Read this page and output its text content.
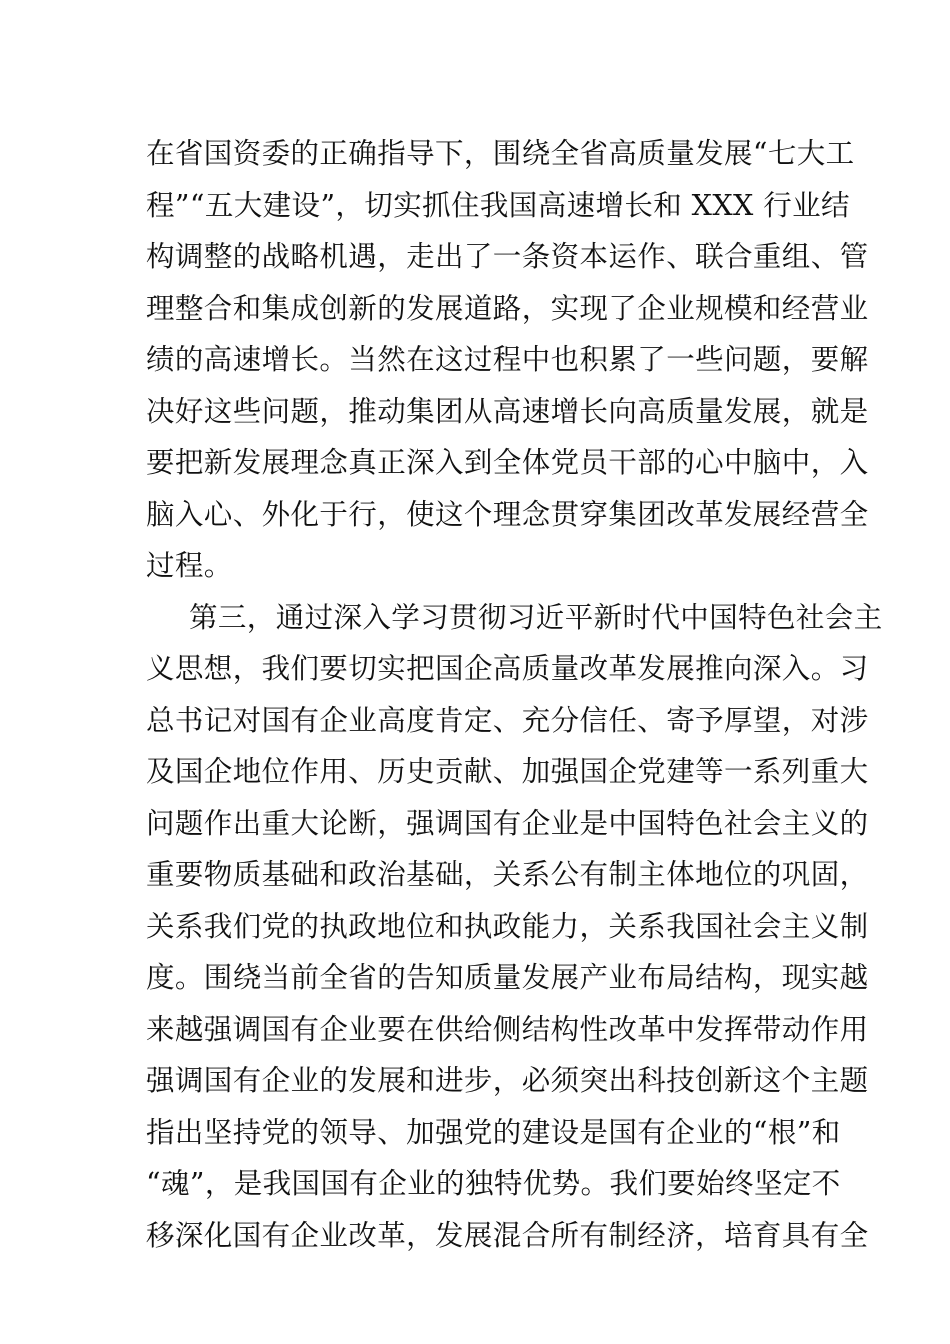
在省国资委的正确指导下，围绕全省高质量发展“七大工
程”“五大建设”，切实抓住我国高速增长和 XXX 行业结
构调整的战略机遇，走出了一条资本运作、联合重组、管
理整合和集成创新的发展道路，实现了企业规模和经营业
绩的高速增长。当然在这过程中也积累了一些问题，要解
决好这些问题，推动集团从高速增长向高质量发展，就是
要把新发展理念真正深入到全体党员干部的心中脑中，入
脑入心、外化于行，使这个理念贯穿集团改革发展经营全
过程。
第三，通过深入学习贯彻习近平新时代中国特色社会主
义思想，我们要切实把国企高质量改革发展推向深入。习
总书记对国有企业高度肯定、充分信任、寄予厚望，对涉
及国企地位作用、历史贡献、加强国企党建等一系列重大
问题作出重大论断，强调国有企业是中国特色社会主义的
重要物质基础和政治基础，关系公有制主体地位的巩固，
关系我们党的执政地位和执政能力，关系我国社会主义制
度。围绕当前全省的告知质量发展产业布局结构，现实越
来越强调国有企业要在供给侧结构性改革中发挥带动作用
强调国有企业的发展和进步，必须突出科技创新这个主题
指出坚持党的领导、加强党的建设是国有企业的“根”和
“魂”，是我国国有企业的独特优势。我们要始终坚定不
移深化国有企业改革，发展混合所有制经济，培育具有全
